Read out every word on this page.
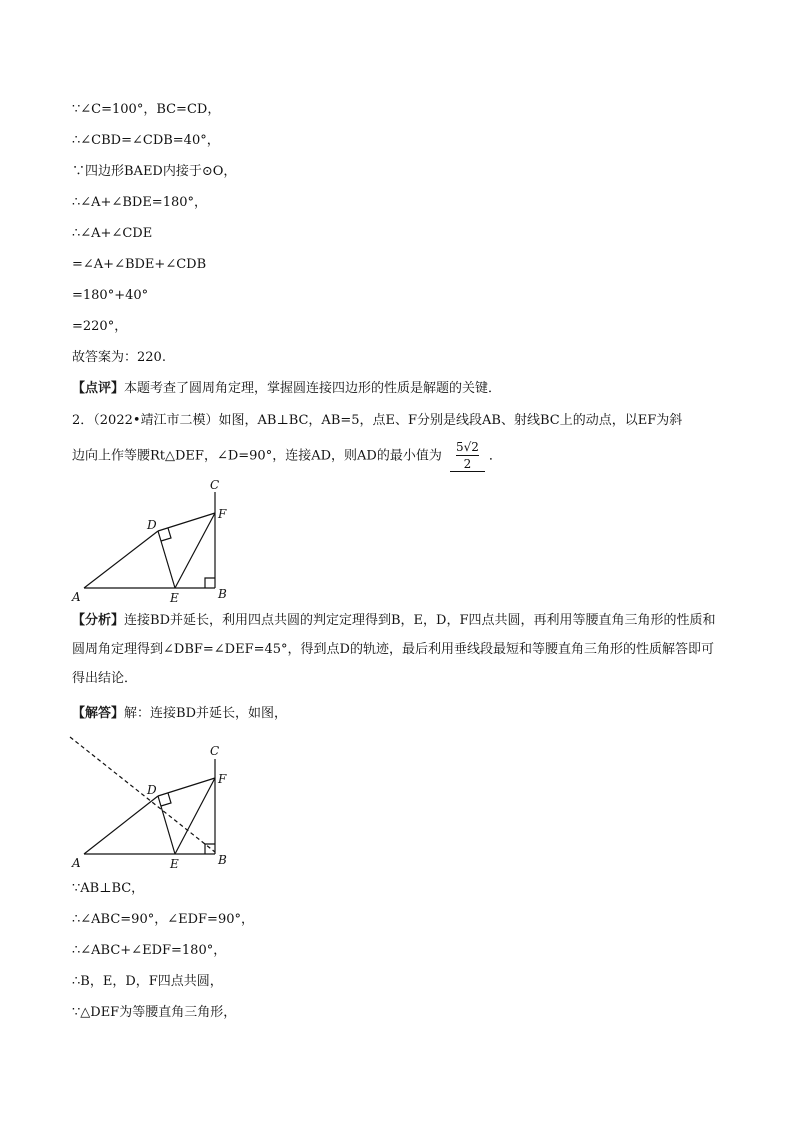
∵∠C=100°，BC=CD，
∴∠CBD=∠CDB=40°，
∵四边形BAED内接于⊙O，
∴∠A+∠BDE=180°，
∴∠A+∠CDE
=∠A+∠BDE+∠CDB
=180°+40°
=220°，
故答案为：220.
【点评】本题考查了圆周角定理，掌握圆连接四边形的性质是解题的关键．
2．（2022•靖江市二模）如图，AB⊥BC，AB=5，点E、F分别是线段AB、射线BC上的动点，以EF为斜
边向上作等腰Rt△DEF，∠D=90°，连接AD，则AD的最小值为 $\frac{5√2}{2}$ ．
A	B
C
D
E
F
【分析】连接BD并延长，利用四点共圆的判定定理得到B，E，D，F四点共圆，再利用等腰直角三角形的性质和圆周角定理得到∠DBF=∠DEF=45°，得到点D的轨迹，最后利用垂线段最短和等腰直角三角形的性质解答即可得出结论．
【解答】解：连接BD并延长，如图，
A	B
C
D
E
F
∵AB⊥BC，
∴∠ABC=90°，∠EDF=90°，
∴∠ABC+∠EDF=180°，
∴B，E，D，F四点共圆，
∵△DEF为等腰直角三角形，
